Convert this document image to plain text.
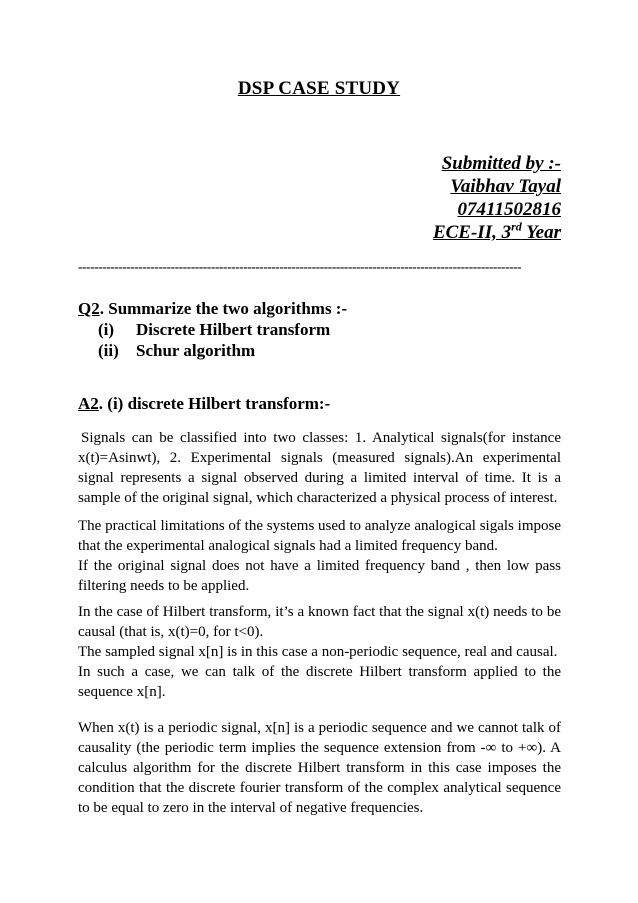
DSP CASE STUDY
Submitted by :-
Vaibhav Tayal
07411502816
ECE-II, 3rd Year
--------------------------------------------------------------------------------------------------------------
Q2. Summarize the two algorithms :-
(i) Discrete Hilbert transform
(ii) Schur algorithm
A2. (i) discrete Hilbert transform:-

Signals can be classified into two classes: 1. Analytical signals(for instance x(t)=Asinwt), 2. Experimental signals (measured signals).An experimental signal represents a signal observed during a limited interval of time. It is a sample of the original signal, which characterized a physical process of interest.

The practical limitations of the systems used to analyze analogical sigals impose that the experimental analogical signals had a limited frequency band.

If the original signal does not have a limited frequency band , then low pass filtering needs to be applied.

In the case of Hilbert transform, it’s a known fact that the signal x(t) needs to be causal (that is, x(t)=0, for t<0).

The sampled signal x[n] is in this case a non-periodic sequence, real and causal.

In such a case, we can talk of the discrete Hilbert transform applied to the sequence x[n].

When x(t) is a periodic signal, x[n] is a periodic sequence and we cannot talk of causality (the periodic term implies the sequence extension from -∞ to +∞). A calculus algorithm for the discrete Hilbert transform in this case imposes the condition that the discrete fourier transform of the complex analytical sequence to be equal to zero in the interval of negative frequencies.
